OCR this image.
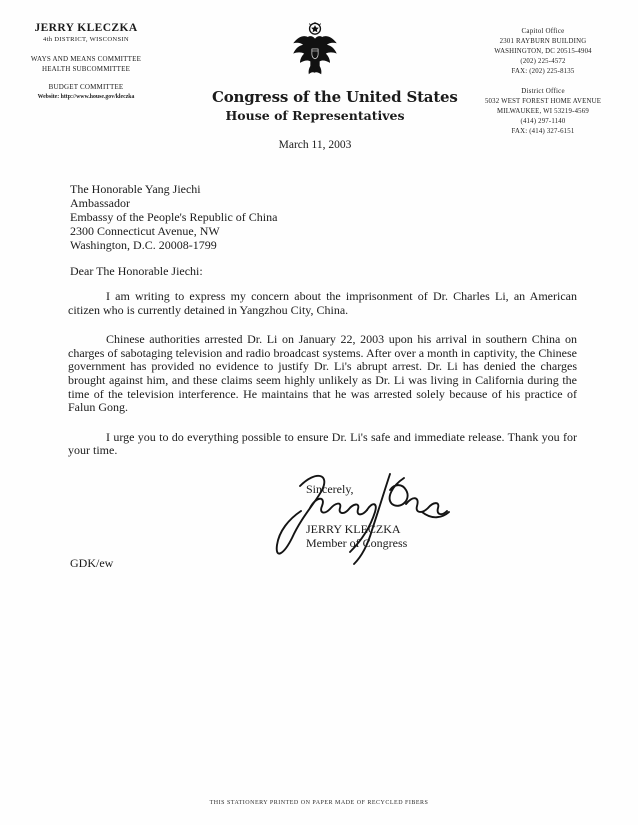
JERRY KLECZKA
4th DISTRICT, WISCONSIN
WAYS AND MEANS COMMITTEE
HEALTH SUBCOMMITTEE
BUDGET COMMITTEE
Website: http://www.house.gov/kleczka	Congress of the United States
House of Representatives
Capitol Office
2301 RAYBURN BUILDING
WASHINGTON, DC 20515-4904
(202) 225-4572
FAX: (202) 225-8135
District Office
5032 WEST FOREST HOME AVENUE
MILWAUKEE, WI 53219-4569
(414) 297-1140
FAX: (414) 327-6151
March 11, 2003
The Honorable Yang Jiechi
Ambassador
Embassy of the People's Republic of China
2300 Connecticut Avenue, NW
Washington, D.C. 20008-1799
Dear The Honorable Jiechi:

I am writing to express my concern about the imprisonment of Dr. Charles Li, an American citizen who is currently detained in Yangzhou City, China.

Chinese authorities arrested Dr. Li on January 22, 2003 upon his arrival in southern China on charges of sabotaging television and radio broadcast systems. After over a month in captivity, the Chinese government has provided no evidence to justify Dr. Li's abrupt arrest. Dr. Li has denied the charges brought against him, and these claims seem highly unlikely as Dr. Li was living in California during the time of the television interference. He maintains that he was arrested solely because of his practice of Falun Gong.

I urge you to do everything possible to ensure Dr. Li's safe and immediate release. Thank you for your time.

Sincerely,
JERRY KLECZKA
Member of Congress
GDK/ew
THIS STATIONERY PRINTED ON PAPER MADE OF RECYCLED FIBERS
